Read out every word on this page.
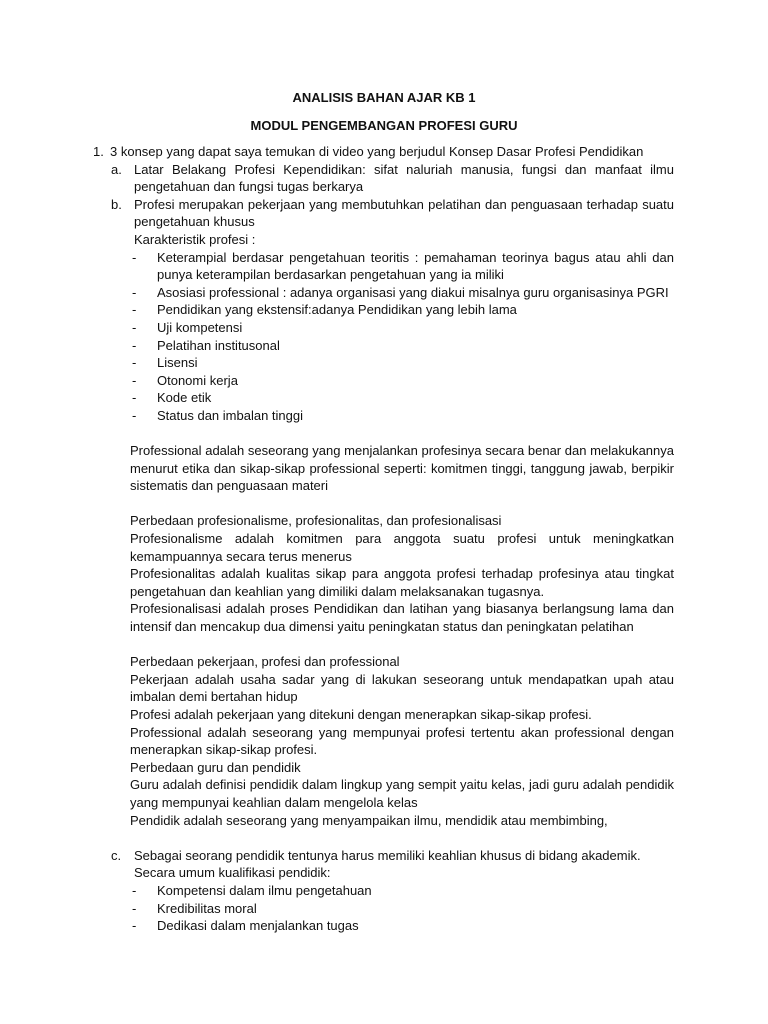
ANALISIS BAHAN AJAR KB 1
MODUL PENGEMBANGAN PROFESI GURU
1. 3 konsep yang dapat saya temukan di video yang berjudul Konsep Dasar Profesi Pendidikan
a. Latar Belakang Profesi Kependidikan: sifat naluriah manusia, fungsi dan manfaat ilmu pengetahuan dan fungsi tugas berkarya
b. Profesi merupakan pekerjaan yang membutuhkan pelatihan dan penguasaan terhadap suatu pengetahuan khusus
Karakteristik profesi :
- Keterampial berdasar pengetahuan teoritis : pemahaman teorinya bagus atau ahli dan punya keterampilan berdasarkan pengetahuan yang ia miliki
- Asosiasi professional : adanya organisasi yang diakui misalnya guru organisasinya PGRI
- Pendidikan yang ekstensif:adanya Pendidikan yang lebih lama
- Uji kompetensi
- Pelatihan institusonal
- Lisensi
- Otonomi kerja
- Kode etik
- Status dan imbalan tinggi
Professional adalah seseorang yang menjalankan profesinya secara benar dan melakukannya menurut etika dan sikap-sikap professional seperti: komitmen tinggi, tanggung jawab, berpikir sistematis dan penguasaan materi
Perbedaan profesionalisme, profesionalitas, dan profesionalisasi
Profesionalisme adalah komitmen para anggota suatu profesi untuk meningkatkan kemampuannya secara terus menerus
Profesionalitas adalah kualitas sikap para anggota profesi terhadap profesinya atau tingkat pengetahuan dan keahlian yang dimiliki dalam melaksanakan tugasnya.
Profesionalisasi adalah proses Pendidikan dan latihan yang biasanya berlangsung lama dan intensif dan mencakup dua dimensi yaitu peningkatan status dan peningkatan pelatihan
Perbedaan pekerjaan, profesi dan professional
Pekerjaan adalah usaha sadar yang di lakukan seseorang untuk mendapatkan upah atau imbalan demi bertahan hidup
Profesi adalah pekerjaan yang ditekuni dengan menerapkan sikap-sikap profesi.
Professional adalah seseorang yang mempunyai profesi tertentu akan professional dengan menerapkan sikap-sikap profesi.
Perbedaan guru dan pendidik
Guru adalah definisi pendidik dalam lingkup yang sempit yaitu kelas, jadi guru adalah pendidik yang mempunyai keahlian dalam mengelola kelas
Pendidik adalah seseorang yang menyampaikan ilmu, mendidik atau membimbing,
c. Sebagai seorang pendidik tentunya harus memiliki keahlian khusus di bidang akademik.
Secara umum kualifikasi pendidik:
- Kompetensi dalam ilmu pengetahuan
- Kredibilitas moral
- Dedikasi dalam menjalankan tugas
